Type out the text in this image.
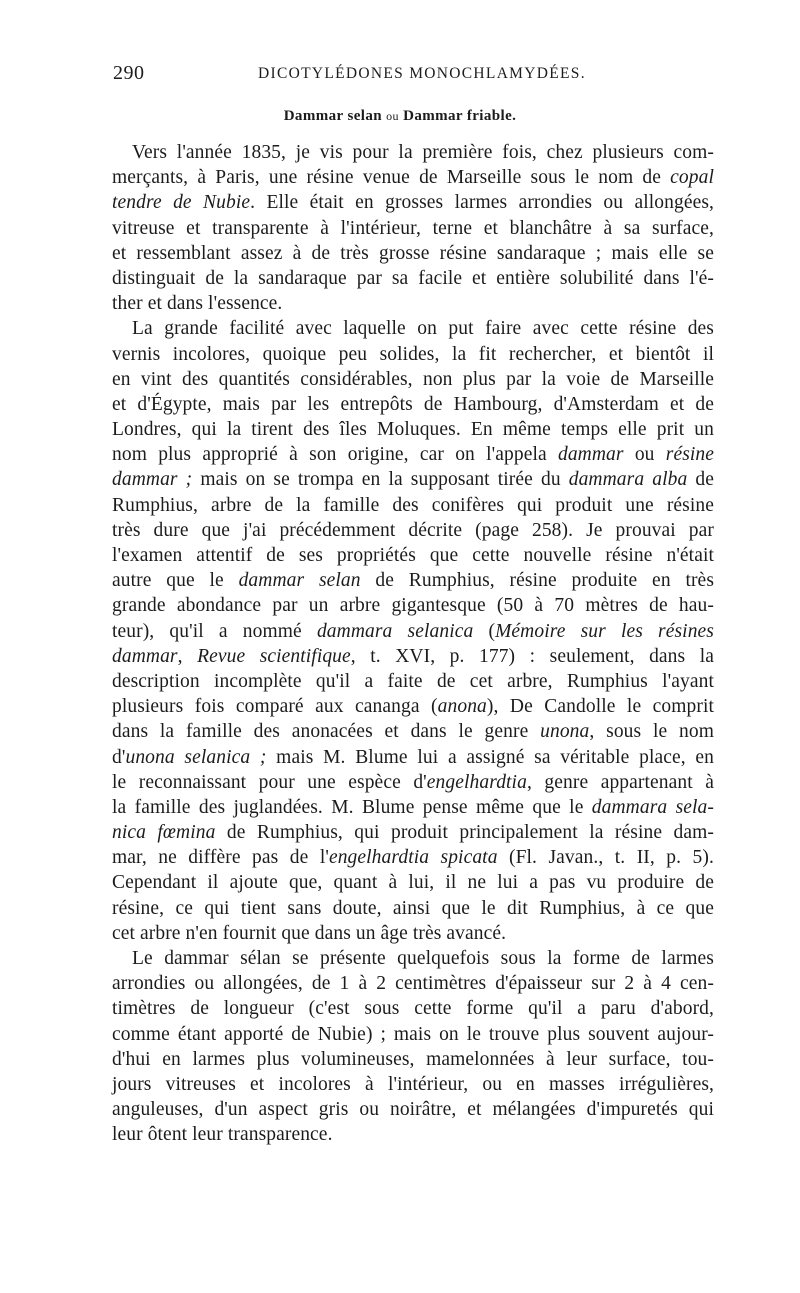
290	DICOTYLÉDONES MONOCHLAMYDÉES.
Dammar selan ou Dammar friable.
Vers l'année 1835, je vis pour la première fois, chez plusieurs com-
merçants, à Paris, une résine venue de Marseille sous le nom de copal
tendre de Nubie. Elle était en grosses larmes arrondies ou allongées,
vitreuse et transparente à l'intérieur, terne et blanchâtre à sa surface,
et ressemblant assez à de très grosse résine sandaraque ; mais elle se
distinguait de la sandaraque par sa facile et entière solubilité dans l'é-
ther et dans l'essence.
La grande facilité avec laquelle on put faire avec cette résine des
vernis incolores, quoique peu solides, la fit rechercher, et bientôt il
en vint des quantités considérables, non plus par la voie de Marseille
et d'Égypte, mais par les entrepôts de Hambourg, d'Amsterdam et de
Londres, qui la tirent des îles Moluques. En même temps elle prit un
nom plus approprié à son origine, car on l'appela dammar ou résine
dammar ; mais on se trompa en la supposant tirée du dammara alba de
Rumphius, arbre de la famille des conifères qui produit une résine
très dure que j'ai précédemment décrite (page 258). Je prouvai par
l'examen attentif de ses propriétés que cette nouvelle résine n'était
autre que le dammar selan de Rumphius, résine produite en très
grande abondance par un arbre gigantesque (50 à 70 mètres de hau-
teur), qu'il a nommé dammara selanica (Mémoire sur les résines
dammar, Revue scientifique, t. XVI, p. 177) : seulement, dans la
description incomplète qu'il a faite de cet arbre, Rumphius l'ayant
plusieurs fois comparé aux cananga (anona), De Candolle le comprit
dans la famille des anonacées et dans le genre unona, sous le nom
d'unona selanica ; mais M. Blume lui a assigné sa véritable place, en
le reconnaissant pour une espèce d'engelhardtia, genre appartenant à
la famille des juglandées. M. Blume pense même que le dammara sela-
nica fœmina de Rumphius, qui produit principalement la résine dam-
mar, ne diffère pas de l'engelhardtia spicata (Fl. Javan., t. II, p. 5).
Cependant il ajoute que, quant à lui, il ne lui a pas vu produire de
résine, ce qui tient sans doute, ainsi que le dit Rumphius, à ce que
cet arbre n'en fournit que dans un âge très avancé.
Le dammar sélan se présente quelquefois sous la forme de larmes
arrondies ou allongées, de 1 à 2 centimètres d'épaisseur sur 2 à 4 cen-
timètres de longueur (c'est sous cette forme qu'il a paru d'abord,
comme étant apporté de Nubie) ; mais on le trouve plus souvent aujour-
d'hui en larmes plus volumineuses, mamelonnées à leur surface, tou-
jours vitreuses et incolores à l'intérieur, ou en masses irrégulières,
anguleuses, d'un aspect gris ou noirâtre, et mélangées d'impuretés qui
leur ôtent leur transparence.
